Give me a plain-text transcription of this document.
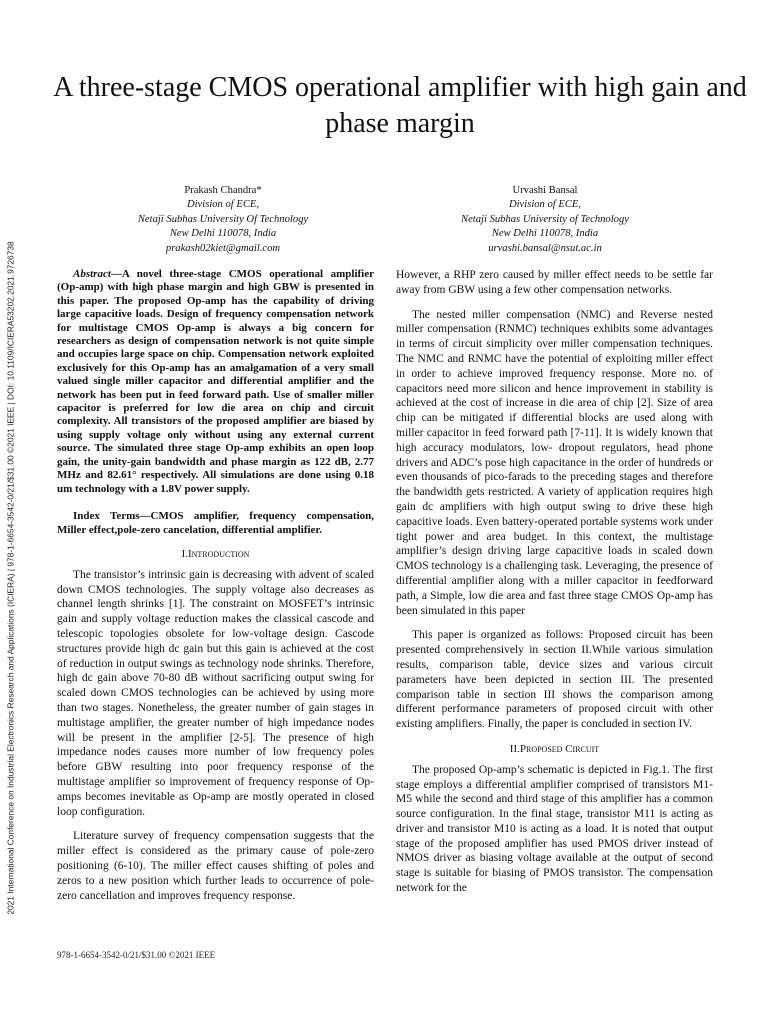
2021 International Conference on Industrial Electronics Research and Applications (ICIERA) | 978-1-6654-3542-0/21/$31.00 ©2021 IEEE | DOI: 10.1109/ICIERA53202.2021.9726738
A three-stage CMOS operational amplifier with high gain and phase margin
Prakash Chandra*
Division of ECE,
Netaji Subhas University Of Technology
New Delhi 110078, India
prakash02kiet@gmail.com
Urvashi Bansal
Division of ECE,
Netaji Subhas University of Technology
New Delhi 110078, India
urvashi.bansal@nsut.ac.in

Abstract—A novel three-stage CMOS operational amplifier (Op-amp) with high phase margin and high GBW is presented in this paper. The proposed Op-amp has the capability of driving large capacitive loads. Design of frequency compensation network for multistage CMOS Op-amp is always a big concern for researchers as design of compensation network is not quite simple and occupies large space on chip. Compensation network exploited exclusively for this Op-amp has an amalgamation of a very small valued single miller capacitor and differential amplifier and the network has been put in feed forward path. Use of smaller miller capacitor is preferred for low die area on chip and circuit complexity. All transistors of the proposed amplifier are biased by using supply voltage only without using any external current source. The simulated three stage Op-amp exhibits an open loop gain, the unity-gain bandwidth and phase margin as 122 dB, 2.77 MHz and 82.61° respectively. All simulations are done using 0.18 um technology with a 1.8V power supply.

Index Terms—CMOS amplifier, frequency compensation, Miller effect,pole-zero cancelation, differential amplifier.

I.Introduction

The transistor’s intrinsic gain is decreasing with advent of scaled down CMOS technologies. The supply voltage also decreases as channel length shrinks [1]. The constraint on MOSFET’s intrinsic gain and supply voltage reduction makes the classical cascode and telescopic topologies obsolete for low-voltage design. Cascode structures provide high dc gain but this gain is achieved at the cost of reduction in output swings as technology node shrinks. Therefore, high dc gain above 70-80 dB without sacrificing output swing for scaled down CMOS technologies can be achieved by using more than two stages. Nonetheless, the greater number of gain stages in multistage amplifier, the greater number of high impedance nodes will be present in the amplifier [2-5]. The presence of high impedance nodes causes more number of low frequency poles before GBW resulting into poor frequency response of the multistage amplifier so improvement of frequency response of Op-amps becomes inevitable as Op-amp are mostly operated in closed loop configuration.

Literature survey of frequency compensation suggests that the miller effect is considered as the primary cause of pole-zero positioning (6-10). The miller effect causes shifting of poles and zeros to a new position which further leads to occurrence of pole-zero cancellation and improves frequency response.

However, a RHP zero caused by miller effect needs to be settle far away from GBW using a few other compensation networks.

The nested miller compensation (NMC) and Reverse nested miller compensation (RNMC) techniques exhibits some advantages in terms of circuit simplicity over miller compensation techniques. The NMC and RNMC have the potential of exploiting miller effect in order to achieve improved frequency response. More no. of capacitors need more silicon and hence improvement in stability is achieved at the cost of increase in die area of chip [2]. Size of area chip can be mitigated if differential blocks are used along with miller capacitor in feed forward path [7-11]. It is widely known that high accuracy modulators, low- dropout regulators, head phone drivers and ADC’s pose high capacitance in the order of hundreds or even thousands of pico-farads to the preceding stages and therefore the bandwidth gets restricted. A variety of application requires high gain dc amplifiers with high output swing to drive these high capacitive loads. Even battery-operated portable systems work under tight power and area budget. In this context, the multistage amplifier’s design driving large capacitive loads in scaled down CMOS technology is a challenging task. Leveraging, the presence of differential amplifier along with a miller capacitor in feedforward path, a Simple, low die area and fast three stage CMOS Op-amp has been simulated in this paper

This paper is organized as follows: Proposed circuit has been presented comprehensively in section II.While various simulation results, comparison table, device sizes and various circuit parameters have been depicted in section III. The presented comparison table in section III shows the comparison among different performance parameters of proposed circuit with other existing amplifiers. Finally, the paper is concluded in section IV.

II.Proposed Circuit

The proposed Op-amp’s schematic is depicted in Fig.1. The first stage employs a differential amplifier comprised of transistors M1-M5 while the second and third stage of this amplifier has a common source configuration. In the final stage, transistor M11 is acting as driver and transistor M10 is acting as a load. It is noted that output stage of the proposed amplifier has used PMOS driver instead of NMOS driver as biasing voltage available at the output of second stage is suitable for biasing of PMOS transistor. The compensation network for the

978-1-6654-3542-0/21/$31.00 ©2021 IEEE
